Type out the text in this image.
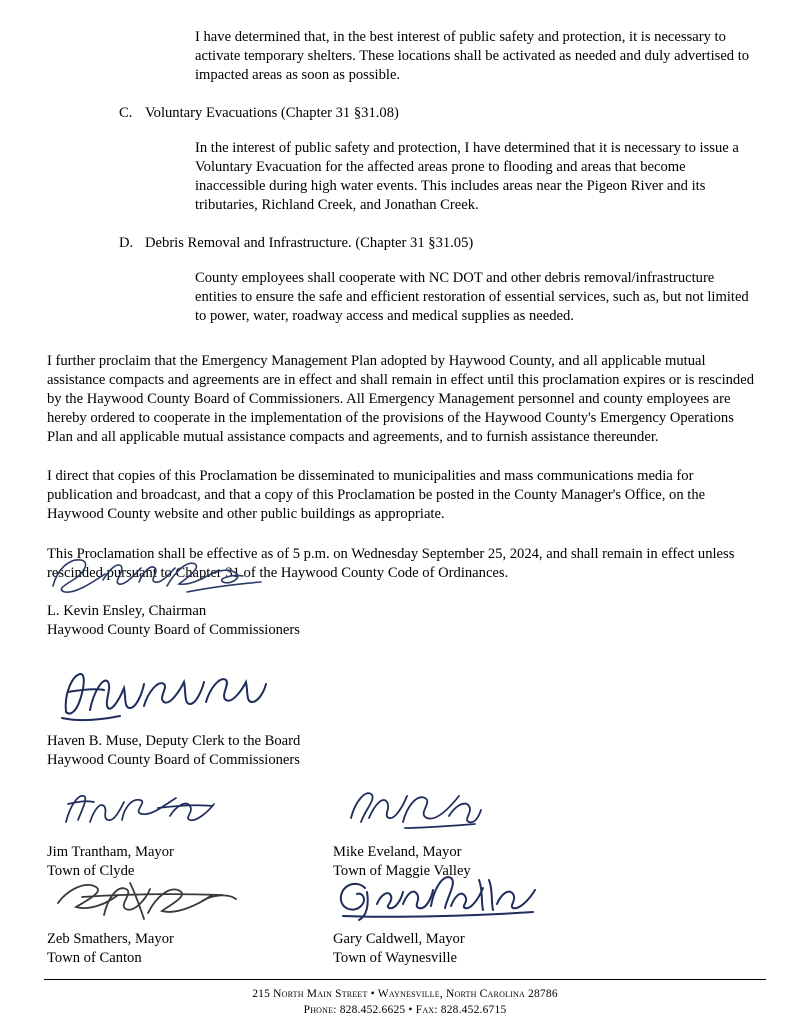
I have determined that, in the best interest of public safety and protection, it is necessary to activate temporary shelters. These locations shall be activated as needed and duly advertised to impacted areas as soon as possible.
C. Voluntary Evacuations (Chapter 31 §31.08)
In the interest of public safety and protection, I have determined that it is necessary to issue a Voluntary Evacuation for the affected areas prone to flooding and areas that become inaccessible during high water events. This includes areas near the Pigeon River and its tributaries, Richland Creek, and Jonathan Creek.
D. Debris Removal and Infrastructure. (Chapter 31 §31.05)
County employees shall cooperate with NC DOT and other debris removal/infrastructure entities to ensure the safe and efficient restoration of essential services, such as, but not limited to power, water, roadway access and medical supplies as needed.
I further proclaim that the Emergency Management Plan adopted by Haywood County, and all applicable mutual assistance compacts and agreements are in effect and shall remain in effect until this proclamation expires or is rescinded by the Haywood County Board of Commissioners. All Emergency Management personnel and county employees are hereby ordered to cooperate in the implementation of the provisions of the Haywood County's Emergency Operations Plan and all applicable mutual assistance compacts and agreements, and to furnish assistance thereunder.
I direct that copies of this Proclamation be disseminated to municipalities and mass communications media for publication and broadcast, and that a copy of this Proclamation be posted in the County Manager's Office, on the Haywood County website and other public buildings as appropriate.
This Proclamation shall be effective as of 5 p.m. on Wednesday September 25, 2024, and shall remain in effect unless rescinded pursuant to Chapter 31 of the Haywood County Code of Ordinances.
L. Kevin Ensley, Chairman
Haywood County Board of Commissioners
Haven B. Muse, Deputy Clerk to the Board
Haywood County Board of Commissioners
Jim Trantham, Mayor
Town of Clyde
Mike Eveland, Mayor
Town of Maggie Valley
Zeb Smathers, Mayor
Town of Canton
Gary Caldwell, Mayor
Town of Waynesville
215 North Main Street • Waynesville, North Carolina 28786
Phone: 828.452.6625 • Fax: 828.452.6715
